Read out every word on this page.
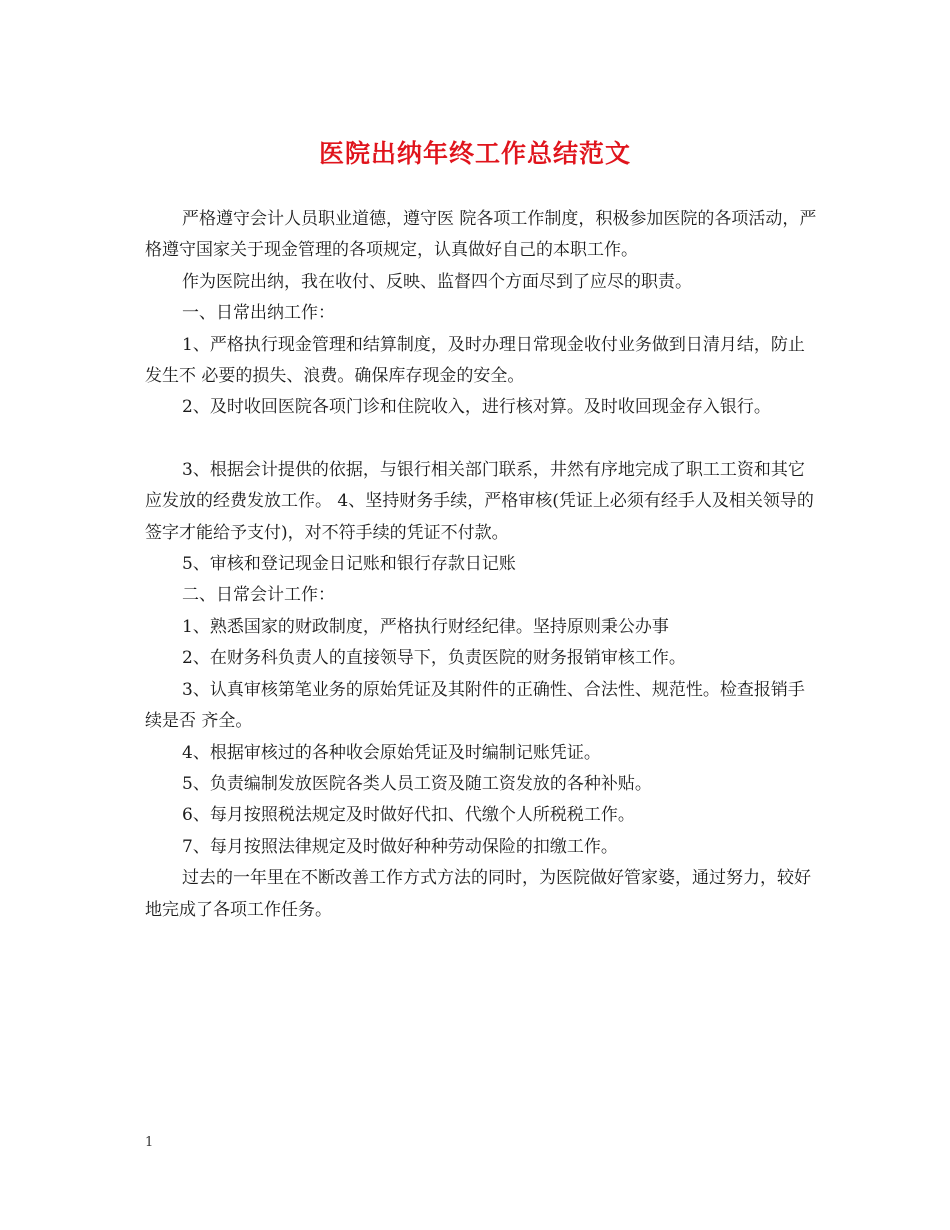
医院出纳年终工作总结范文

严格遵守会计人员职业道德，遵守医 院各项工作制度，积极参加医院的各项活动，严格遵守国家关于现金管理的各项规定，认真做好自己的本职工作。

作为医院出纳，我在收付、反映、监督四个方面尽到了应尽的职责。

一、日常出纳工作：

1、严格执行现金管理和结算制度，及时办理日常现金收付业务做到日清月结，防止发生不 必要的损失、浪费。确保库存现金的安全。

2、及时收回医院各项门诊和住院收入，进行核对算。及时收回现金存入银行。

3、根据会计提供的依据，与银行相关部门联系，井然有序地完成了职工工资和其它应发放的经费发放工作。 4、坚持财务手续，严格审核(凭证上必须有经手人及相关领导的签字才能给予支付)，对不符手续的凭证不付款。

5、审核和登记现金日记账和银行存款日记账

二、日常会计工作：

1、熟悉国家的财政制度，严格执行财经纪律。坚持原则秉公办事

2、在财务科负责人的直接领导下，负责医院的财务报销审核工作。

3、认真审核第笔业务的原始凭证及其附件的正确性、合法性、规范性。检查报销手续是否 齐全。

4、根据审核过的各种收会原始凭证及时编制记账凭证。

5、负责编制发放医院各类人员工资及随工资发放的各种补贴。

6、每月按照税法规定及时做好代扣、代缴个人所税税工作。

7、每月按照法律规定及时做好种种劳动保险的扣缴工作。

过去的一年里在不断改善工作方式方法的同时，为医院做好管家婆，通过努力，较好地完成了各项工作任务。

1
